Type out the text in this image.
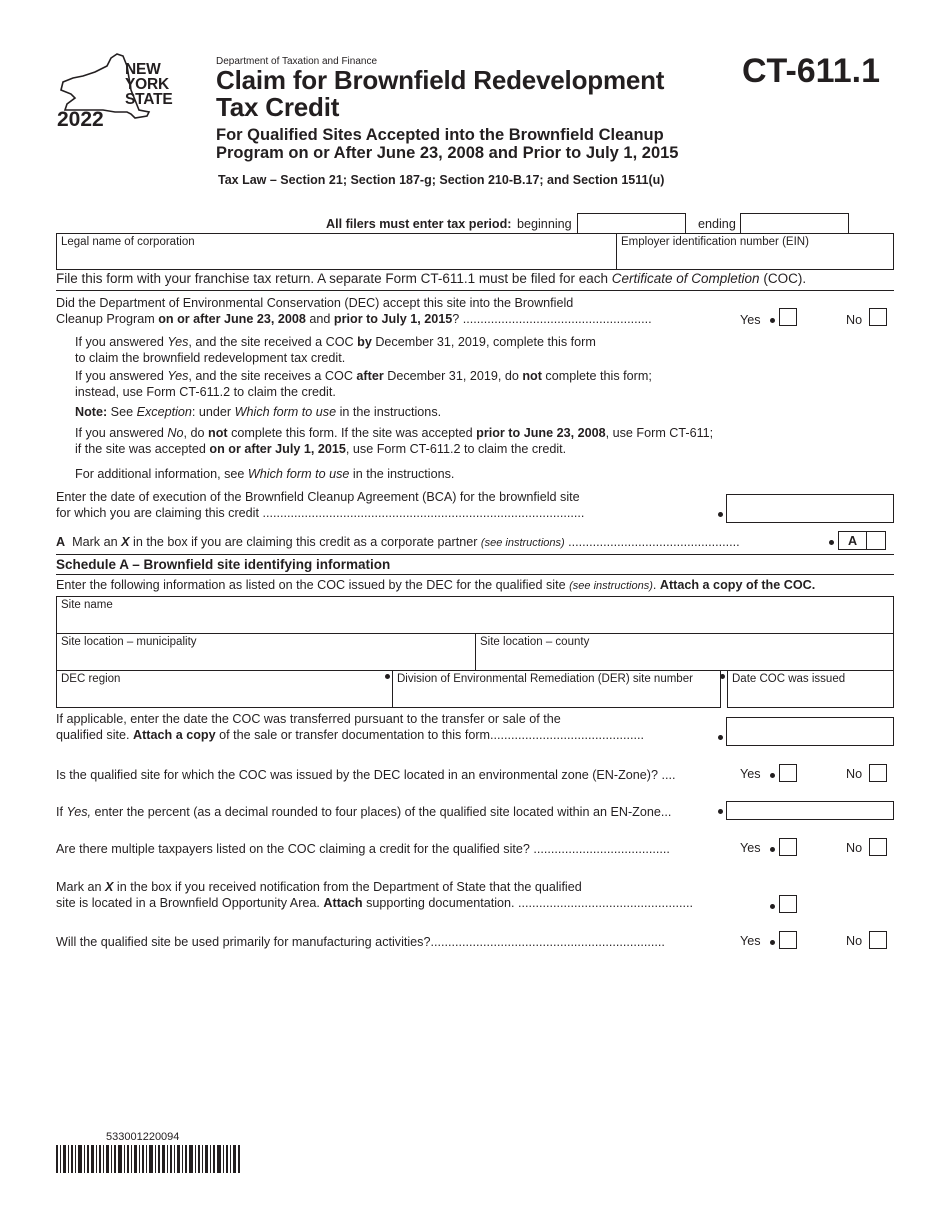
NEW
YORK
STATE
2022
Department of Taxation and Finance
Claim for Brownfield Redevelopment
Tax Credit
For Qualified Sites Accepted into the Brownfield Cleanup
Program on or After June 23, 2008 and Prior to July 1, 2015
Tax Law – Section 21; Section 187-g; Section 210-B.17; and Section 1511(u)
CT-611.1
All filers must enter tax period: beginning	ending
Legal name of corporation	Employer identification number (EIN)
File this form with your franchise tax return. A separate Form CT-611.1 must be filed for each Certificate of Completion (COC).
Did the Department of Environmental Conservation (DEC) accept this site into the Brownfield
Cleanup Program on or after June 23, 2008 and prior to July 1, 2015? ......................................................	Yes	No
If you answered Yes, and the site received a COC by December 31, 2019, complete this form
to claim the brownfield redevelopment tax credit.
If you answered Yes, and the site receives a COC after December 31, 2019, do not complete this form;
instead, use Form CT-611.2 to claim the credit.
Note: See Exception: under Which form to use in the instructions.
If you answered No, do not complete this form. If the site was accepted prior to June 23, 2008, use Form CT-611;
if the site was accepted on or after July 1, 2015, use Form CT-611.2 to claim the credit.
For additional information, see Which form to use in the instructions.
Enter the date of execution of the Brownfield Cleanup Agreement (BCA) for the brownfield site
for which you are claiming this credit ............................................................................................
A Mark an X in the box if you are claiming this credit as a corporate partner (see instructions) .................................................	A
Schedule A – Brownfield site identifying information
Enter the following information as listed on the COC issued by the DEC for the qualified site (see instructions). Attach a copy of the COC.
Site name
Site location – municipality	Site location – county
DEC region	Division of Environmental Remediation (DER) site number	Date COC was issued
If applicable, enter the date the COC was transferred pursuant to the transfer or sale of the
qualified site. Attach a copy of the sale or transfer documentation to this form............................................
Is the qualified site for which the COC was issued by the DEC located in an environmental zone (EN-Zone)? ....	Yes	No
If Yes, enter the percent (as a decimal rounded to four places) of the qualified site located within an EN-Zone...
Are there multiple taxpayers listed on the COC claiming a credit for the qualified site? .......................................	Yes	No
Mark an X in the box if you received notification from the Department of State that the qualified
site is located in a Brownfield Opportunity Area. Attach supporting documentation. ..................................................
Will the qualified site be used primarily for manufacturing activities?...................................................................	Yes	No
533001220094
